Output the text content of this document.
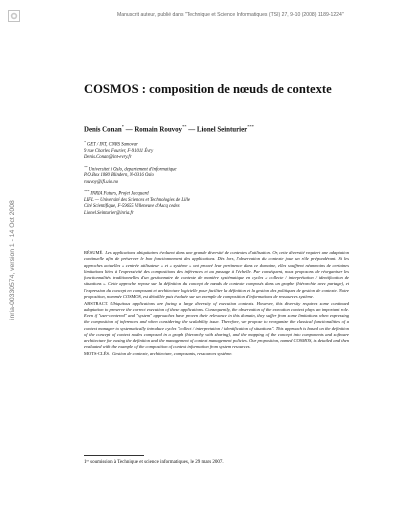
Manuscrit auteur, publié dans "Technique et Science Informatiques (TSI) 27, 9-10 (2008) 1189-1224"
inria-00330574, version 1 - 14 Oct 2008
COSMOS : composition de nœuds de contexte
Denis Conan* — Romain Rouvoy** — Lionel Seinturier***
* GET / INT, CNRS Samovar
9 rue Charles Fourier, F-91011 Évry
Denis.Conan@int-evry.fr
** Universitet i Oslo, departement d'informatique
P.O.Box 1080 Blindern, N-0316 Oslo
rouvoy@ifi.uio.no
*** INRIA Futurs, Projet Jacquard
LIFL — Université des Sciences et Technologies de Lille
Cité Scientifique, F-59655 Villeneuve d'Ascq cedex
Lionel.Seinturier@inria.fr

RÉSUMÉ. Les applications ubiquitaires évoluent dans une grande diversité de contextes d'utilisation. Or, cette diversité requiert une adaptation continuelle afin de préserver le bon fonctionnement des applications. Dès lors, l'observation du contexte joue un rôle prépondérant. Si les approches actuelles « centrée utilisateur » et « système » ont prouvé leur pertinence dans ce domaine, elles souffrent néanmoins de certaines limitations liées à l'expressivité des compositions des inférences et au passage à l'échelle. Par conséquent, nous proposons de réorganiser les fonctionnalités traditionnelles d'un gestionnaire de contexte de manière systématique en cycles « collecte / interprétation / identification de situations ». Cette approche repose sur la définition du concept de nœuds de contexte composés dans un graphe (hiérarchie avec partage), et l'expression du concept en composant et architecture logicielle pour faciliter la définition et la gestion des politiques de gestion de contexte. Notre proposition, nommée COSMOS, est détaillée puis évaluée sur un exemple de composition d'informations de ressources système.

ABSTRACT. Ubiquitous applications are facing a large diversity of execution contexts. However, this diversity requires some continued adaptation to preserve the correct execution of these applications. Consequently, the observation of the execution context plays an important role. Even if "user-centered" and "system" approaches have proven their relevance in this domain, they suffer from some limitations when expressing the composition of inferences and when considering the scalability issue. Therefore, we propose to reorganize the classical functionalities of a context manager to systematically introduce cycles "collect / interpretation / identification of situations". This approach is based on the definition of the concept of context nodes composed in a graph (hierarchy with sharing), and the mapping of the concept into components and software architecture for easing the definition and the management of context management policies. Our proposition, named COSMOS, is detailed and then evaluated with the example of the composition of context information from system resources.

MOTS-CLÉS. Gestion de contexte, architecture, composants, ressources système.

1ʳᵉ soumission à Technique et science informatiques, le 29 mars 2007.
